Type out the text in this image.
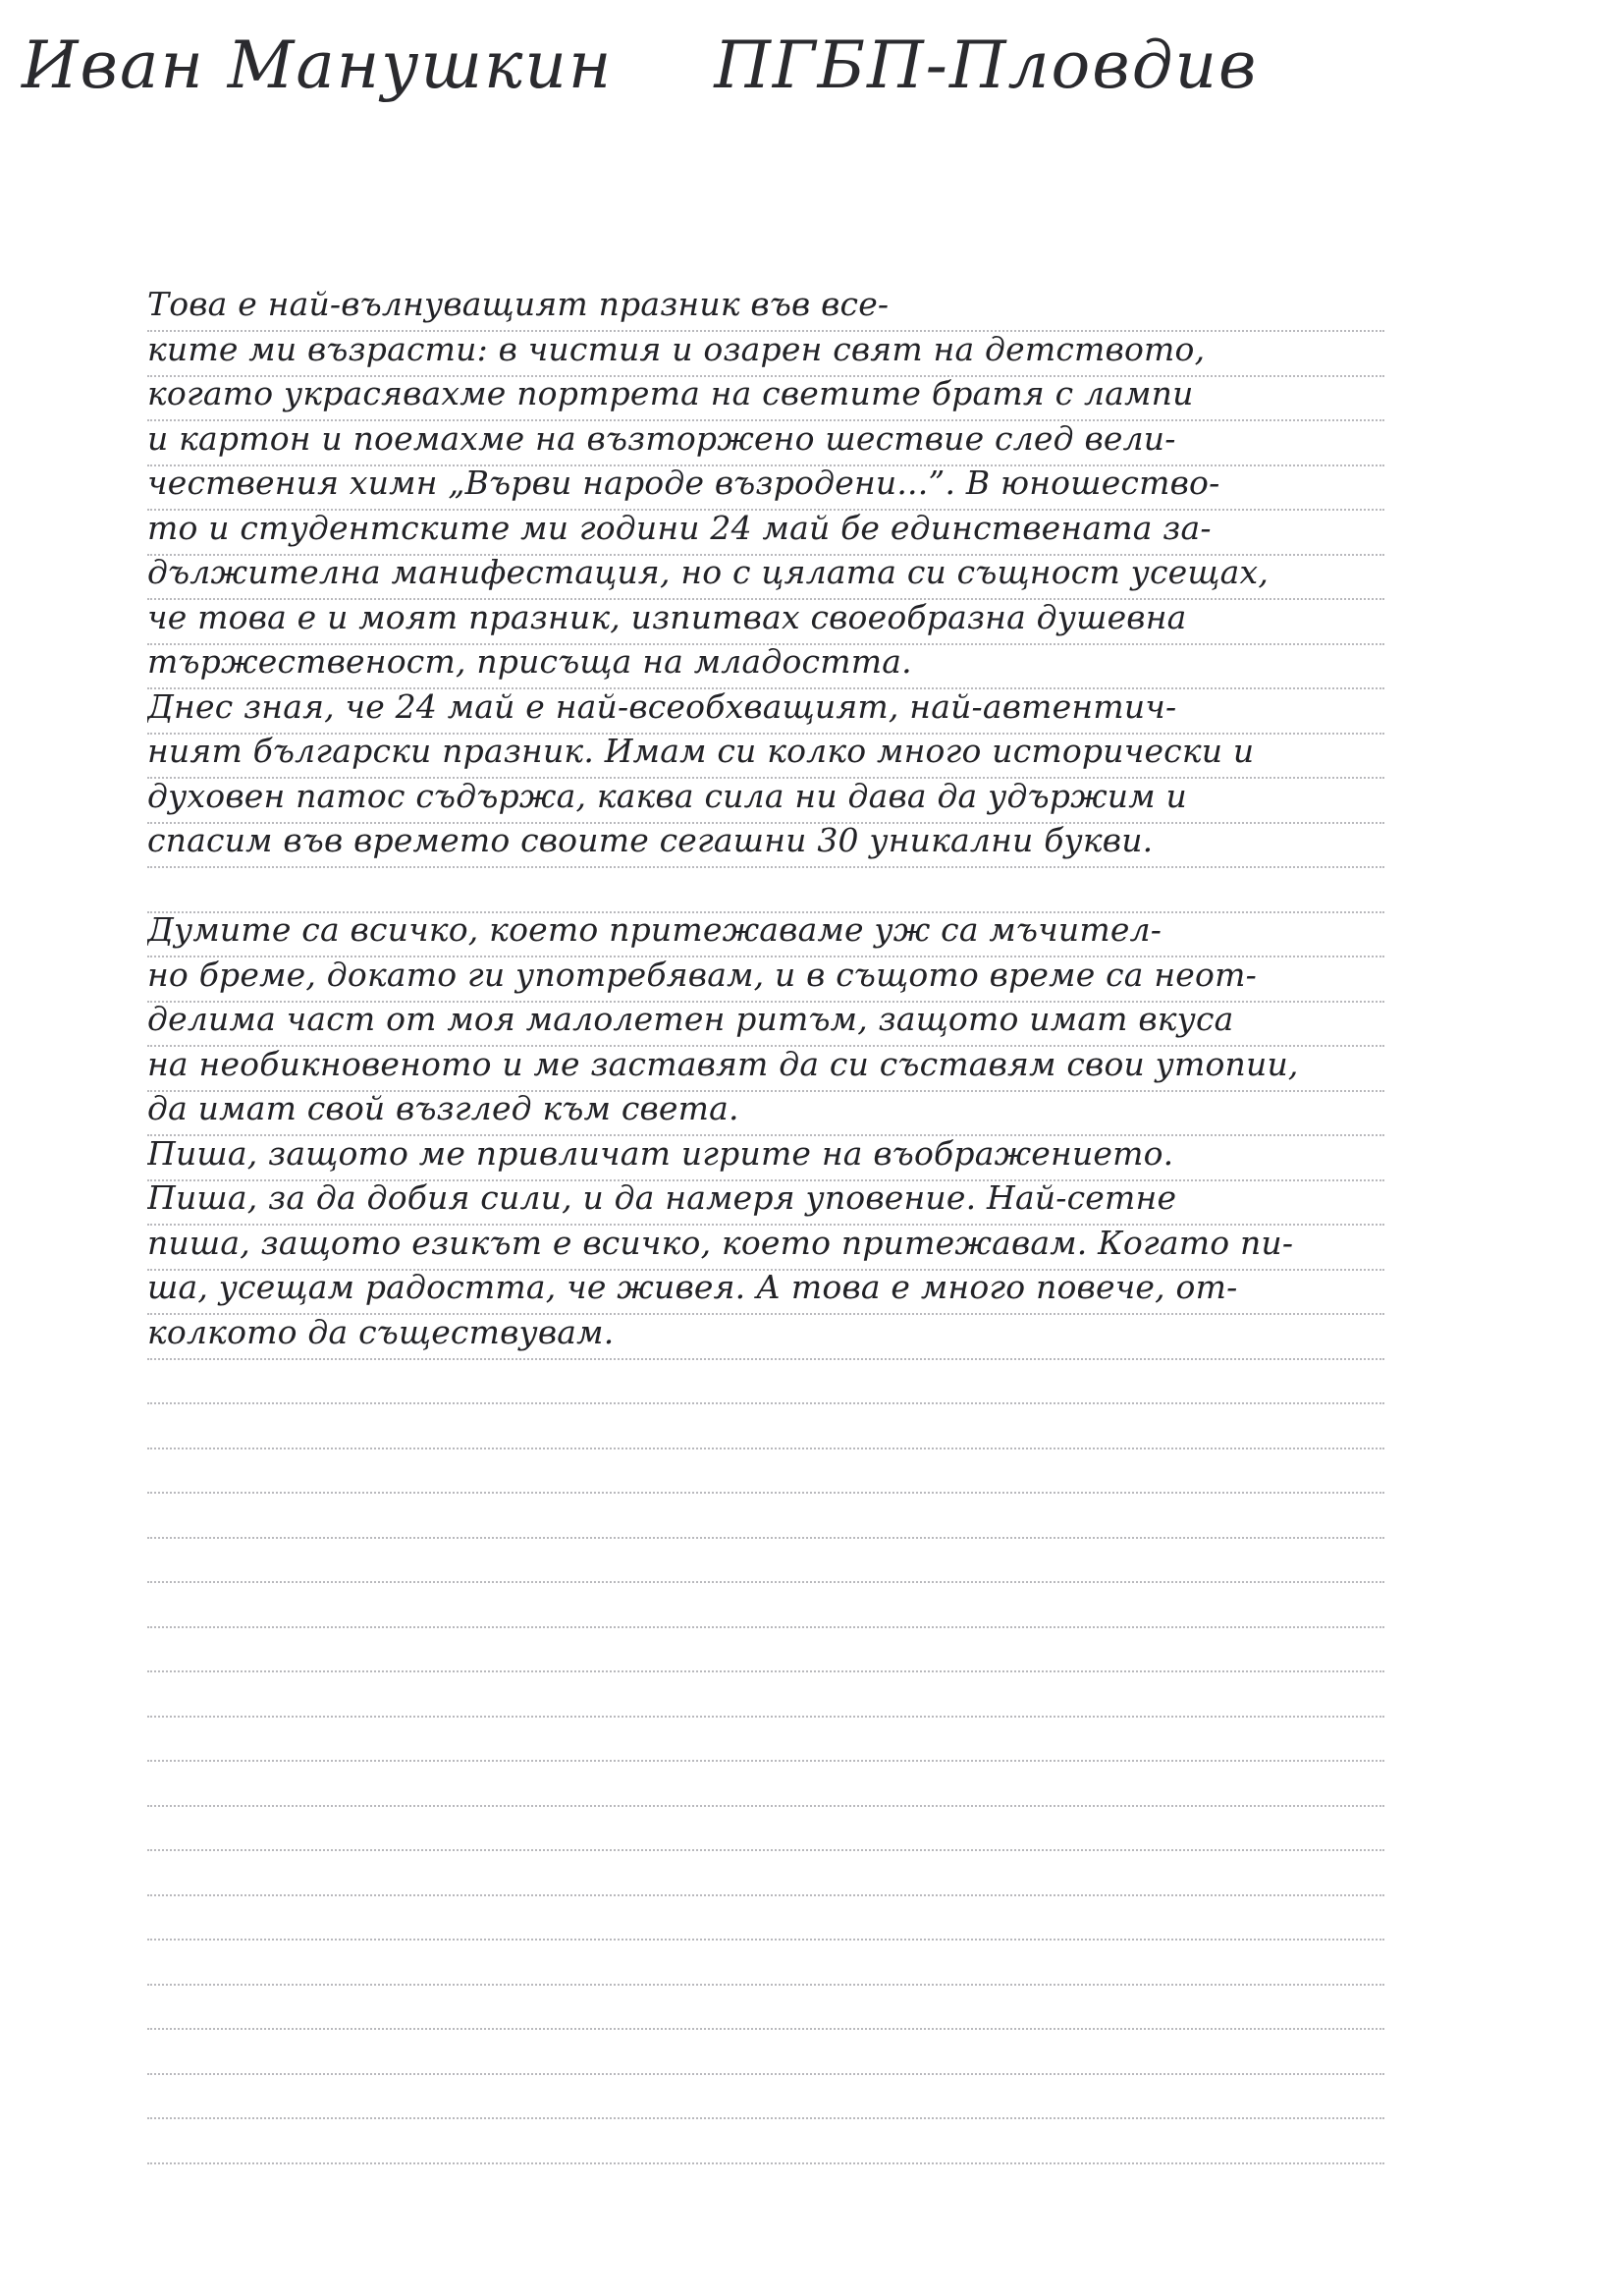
Иван Манушкин ПГБП-Пловдив
Това е най-вълнуващият празник във все-
ките ми възрасти: в чистия и озарен свят на детството,
когато украсявахме портрета на светите братя с лампи
и картон и поемахме на възторжено шествие след вели-
чествения химн „Върви народе възродени...”. В юношество-
то и студентските ми години 24 май бе единствената за-
дължителна манифестация, но с цялата си същност усещах,
че това е и моят празник, изпитвах своеобразна душевна
тържественост, присъща на младостта.
Днес зная, че 24 май е най-всеобхващият, най-автентич-
ният български празник. Имам си колко много исторически и
духовен патос съдържа, каква сила ни дава да удържим и
спасим във времето своите сегашни 30 уникални букви.
Думите са всичко, което притежаваме уж са мъчител-
но бреме, докато ги употребявам, и в същото време са неот-
делима част от моя малолетен ритъм, защото имат вкуса
на необикновеното и ме заставят да си съставям свои утопии,
да имат свой възглед към света.
Пиша, защото ме привличат игрите на въображението.
Пиша, за да добия сили, и да намеря уповение. Най-сетне
пиша, защото езикът е всичко, което притежавам. Когато пи-
ша, усещам радостта, че живея. А това е много повече, от-
колкото да съществувам.
